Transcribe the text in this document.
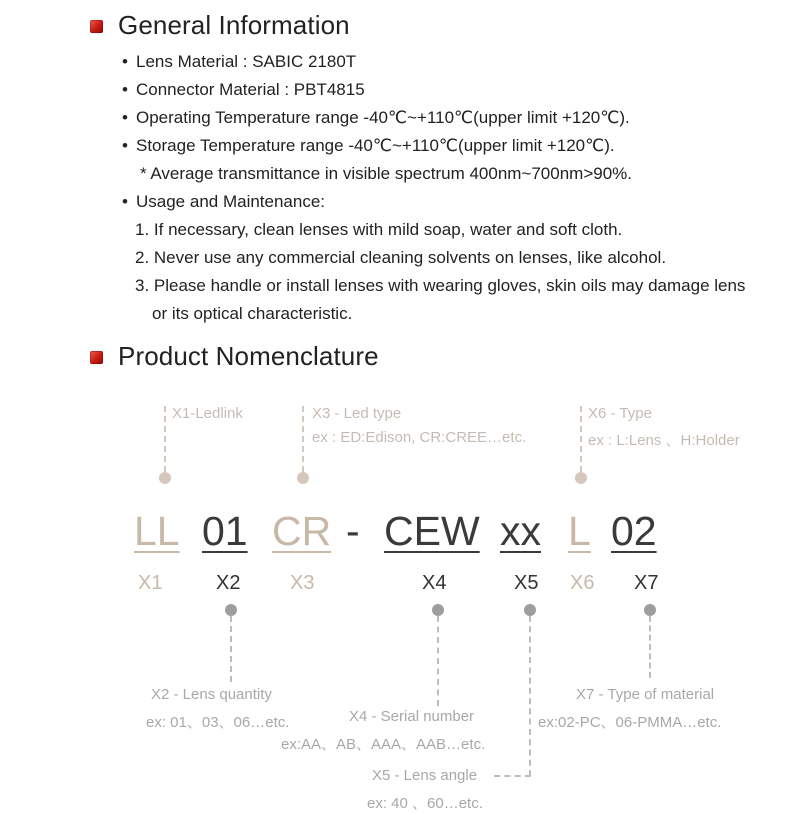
General Information
• Lens Material : SABIC 2180T
• Connector Material : PBT4815
• Operating Temperature range -40℃~+110℃(upper limit +120℃).
• Storage Temperature range -40℃~+110℃(upper limit +120℃).
* Average transmittance in visible spectrum 400nm~700nm>90%.
• Usage and Maintenance:
1. If necessary, clean lenses with mild soap, water and soft cloth.
2. Never use any commercial cleaning solvents on lenses, like alcohol.
3. Please handle or install lenses with wearing gloves, skin oils may damage lens
or its optical characteristic.
Product Nomenclature
X1-Ledlink	X3 - Led type
ex : ED:Edison, CR:CREE…etc.
X6 - Type
ex : L:Lens 、H:Holder
LL 01 CR - CEW xx L 02
X1	X2 X3	X4	X5 X6 X7
X2 - Lens quantity
ex: 01、03、06…etc.	X4 - Serial number
ex:AA、AB、AAA、AAB…etc.
X5 - Lens angle
ex: 40 、60…etc.
X7 - Type of material
ex:02-PC、06-PMMA…etc.
